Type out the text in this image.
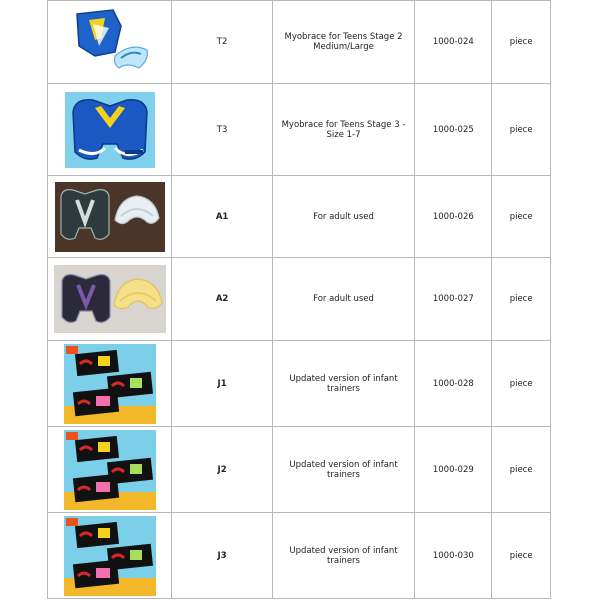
	T2	Myobrace for Teens Stage 2 Medium/Large	1000-024	piece

	T3	Myobrace for Teens Stage 3 - Size 1-7	1000-025	piece

	A1	For adult used	1000-026	piece

	A2	For adult used	1000-027	piece

	J1	Updated version of infant trainers	1000-028	piece

	J2	Updated version of infant trainers	1000-029	piece

	J3	Updated version of infant trainers	1000-030	piece
